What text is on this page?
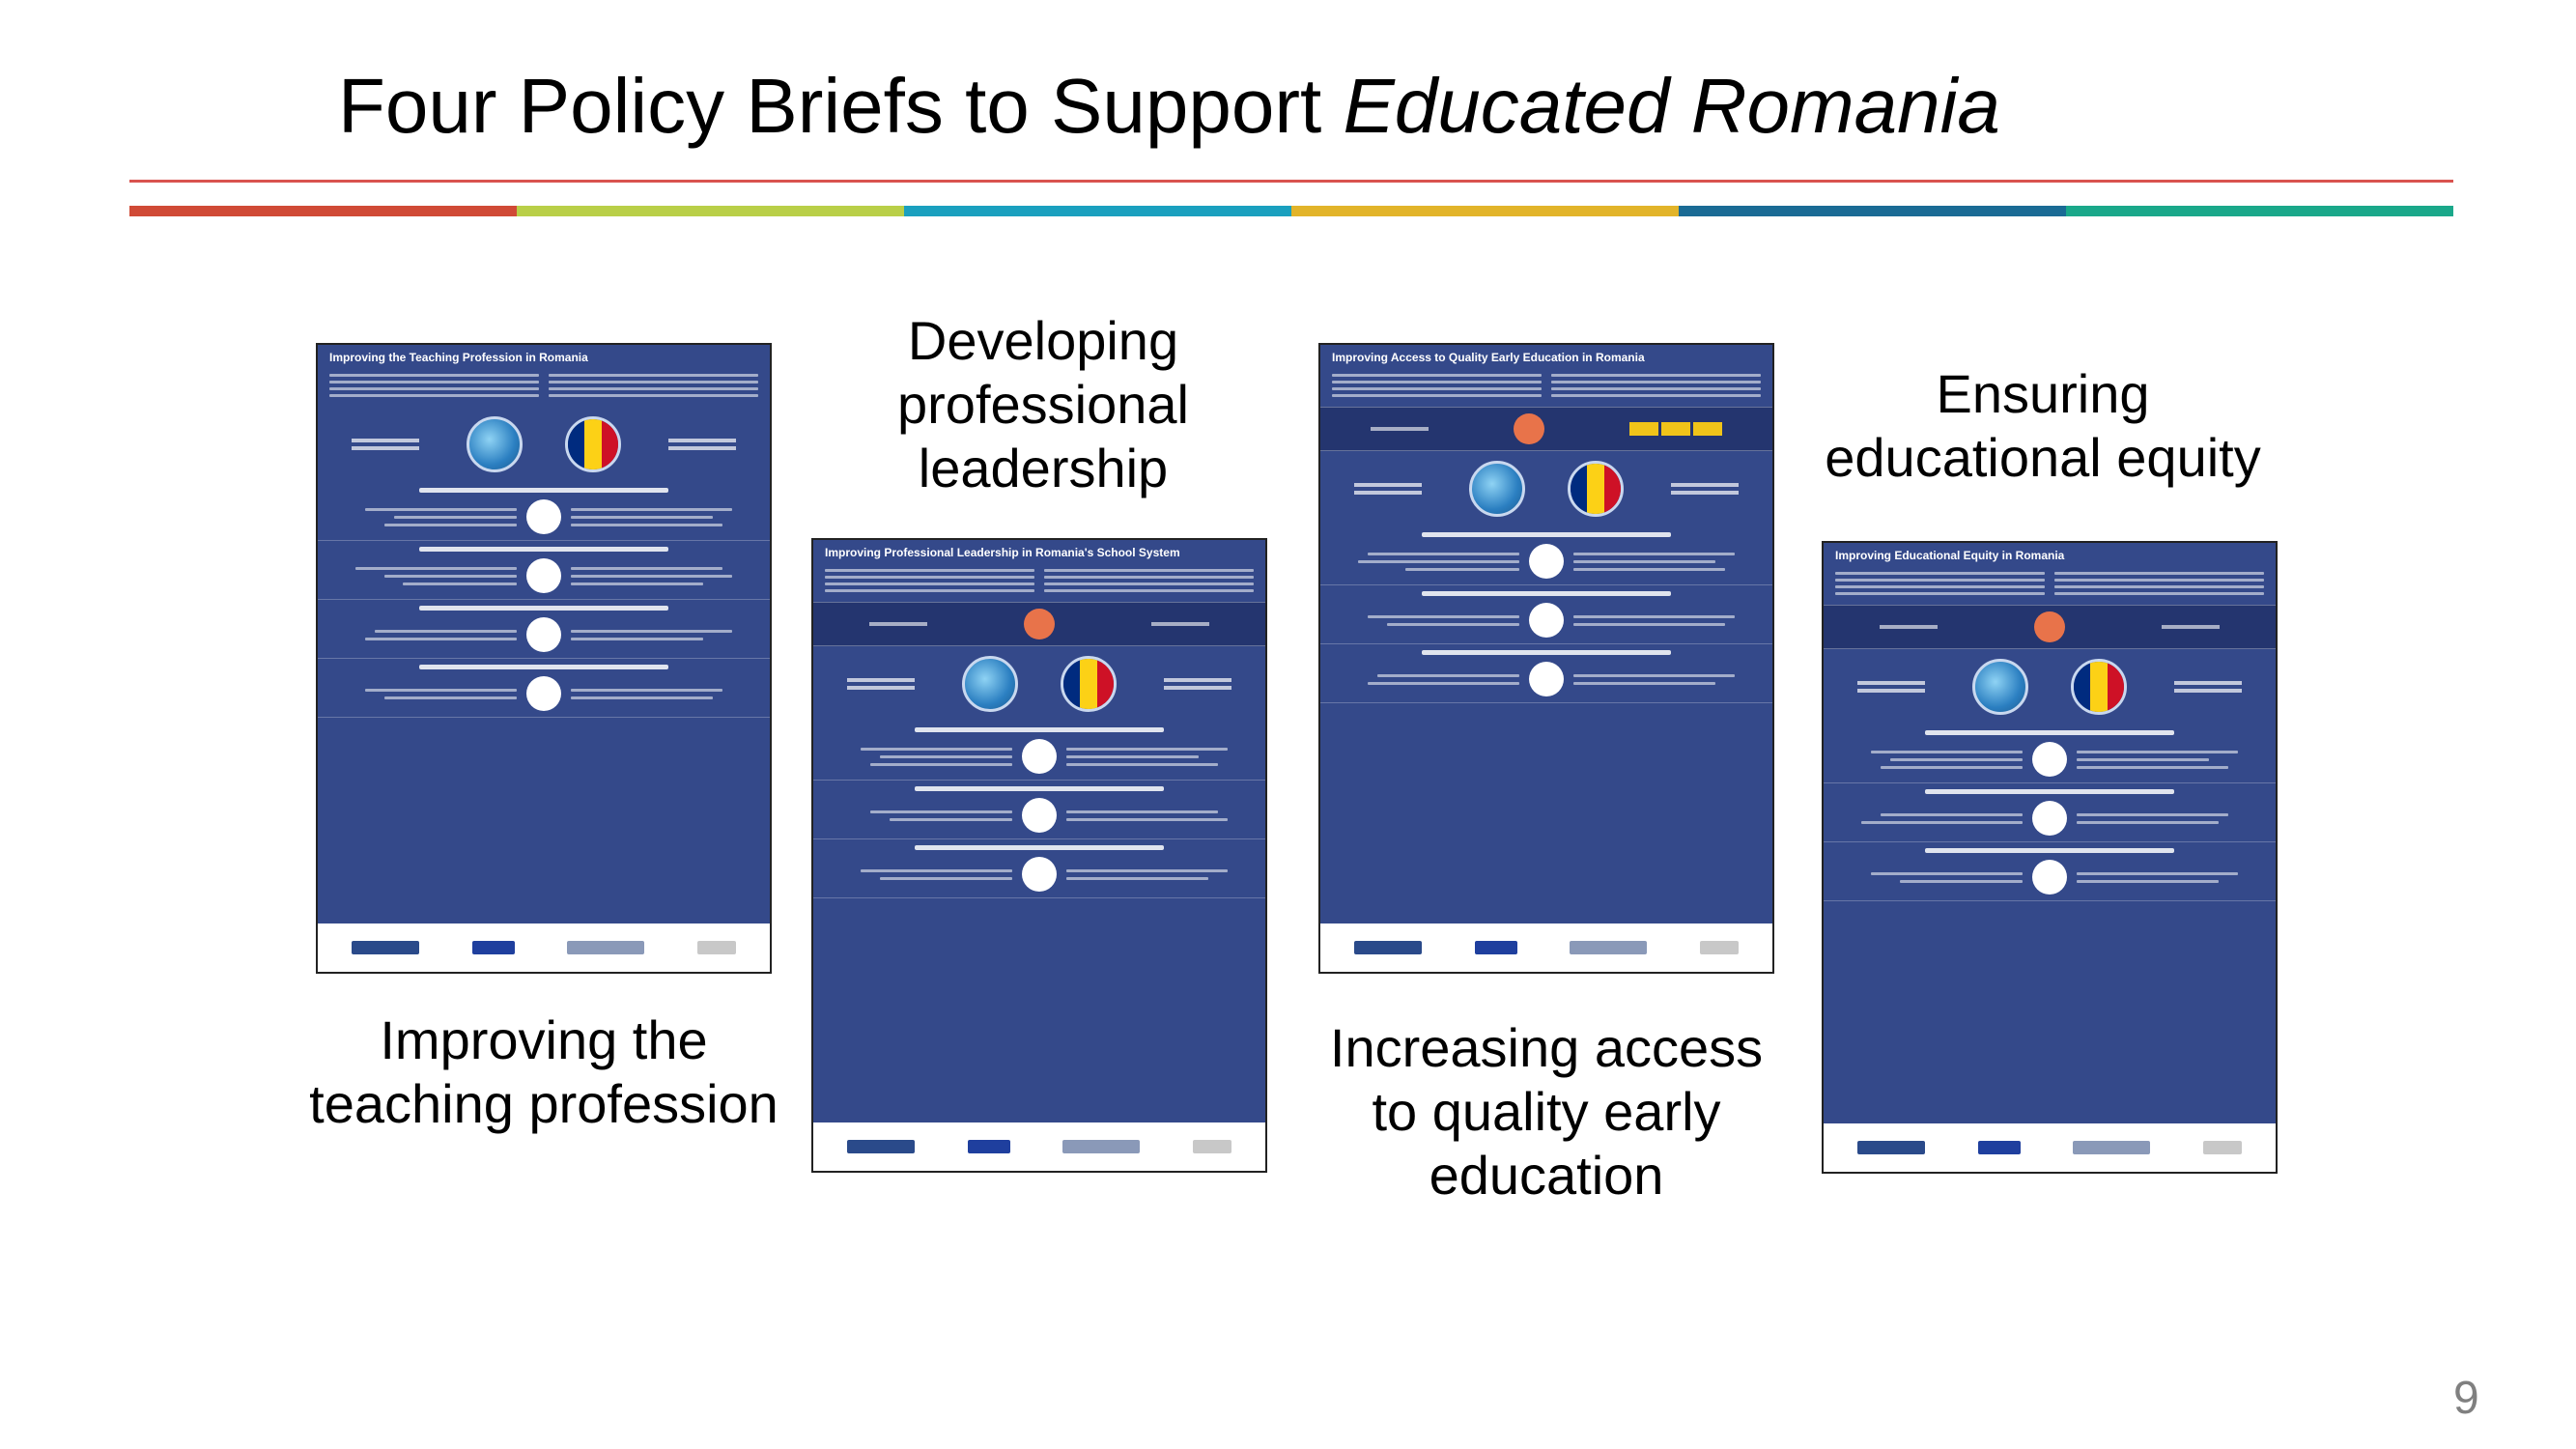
Four Policy Briefs to Support Educated Romania
Improving the Teaching Profession in Romania
Improving the
teaching profession
Improving Professional Leadership in Romania's School System
Developing
professional
leadership
Improving Access to Quality Early Education in Romania
Increasing access
to quality early
education
Improving Educational Equity in Romania
Ensuring
educational equity
9
